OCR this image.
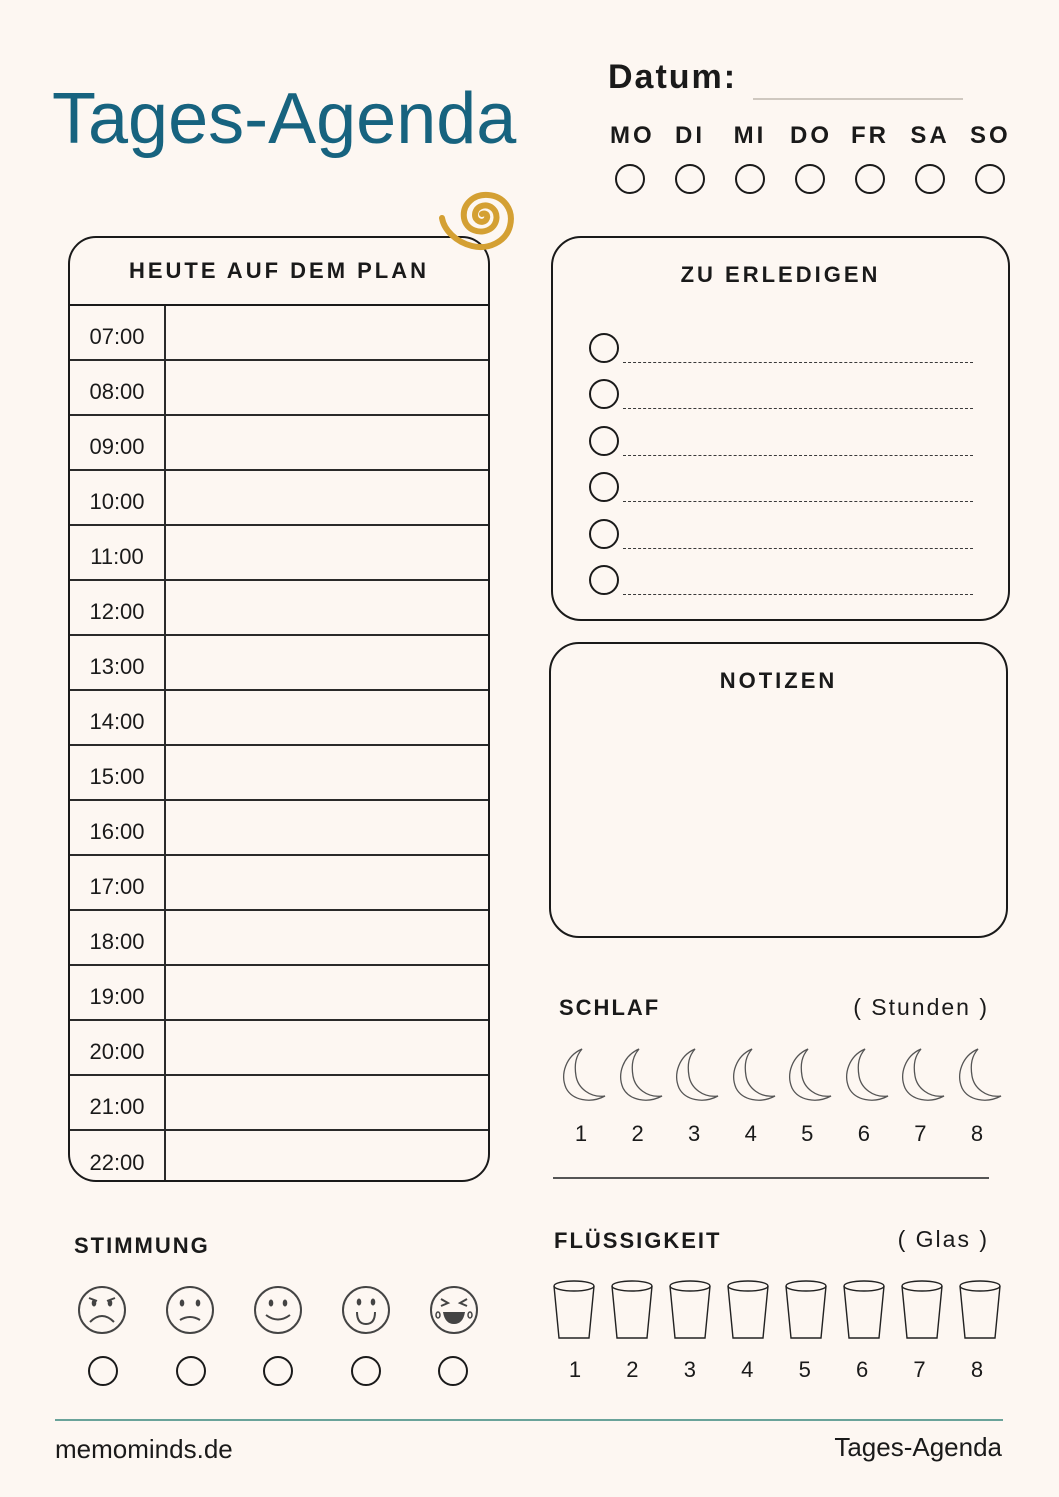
Tages-Agenda
Datum:
MO DI MI DO FR SA SO
HEUTE AUF DEM PLAN
07:00
08:00
09:00
10:00
11:00
12:00
13:00
14:00
15:00
16:00
17:00
18:00
19:00
20:00
21:00
22:00
ZU ERLEDIGEN
NOTIZEN
SCHLAF	( Stunden )
1	2	3	4	5	6	7	8
STIMMUNG	FLÜSSIGKEIT	( Glas )
1	2	3	4	5	6	7	8
memominds.de	Tages-Agenda
